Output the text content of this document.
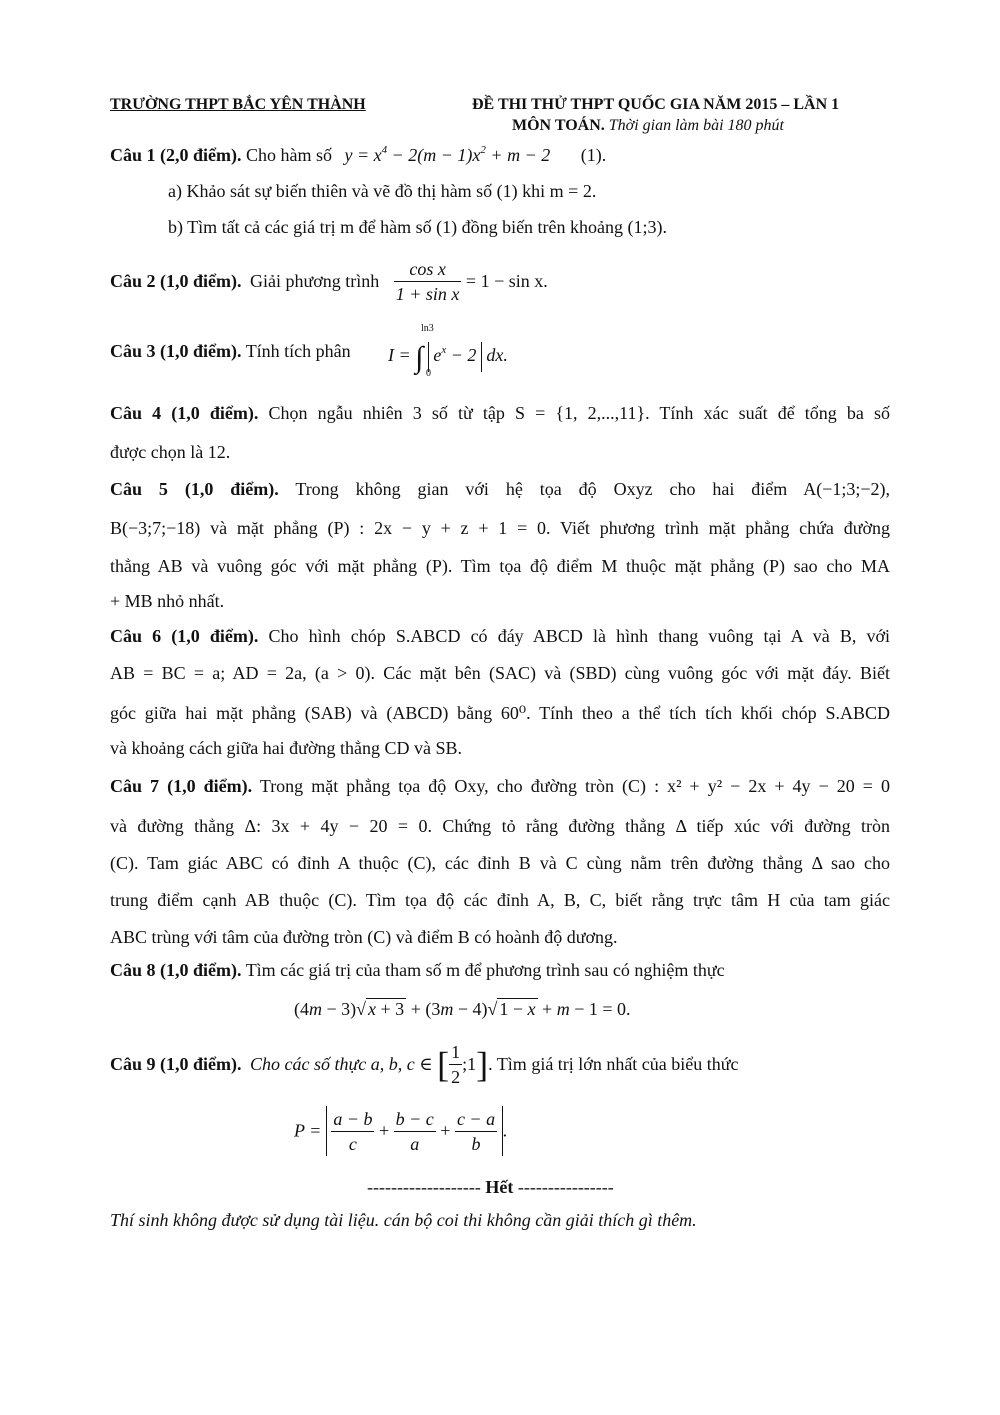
TRƯỜNG THPT BẮC YÊN THÀNH	ĐỀ THI THỬ THPT QUỐC GIA NĂM 2015 – LẦN 1
MÔN TOÁN. Thời gian làm bài 180 phút
Câu 1 (2,0 điểm). Cho hàm số $y = x^4 - 2(m - 1)x^2 + m - 2$ (1).
a) Khảo sát sự biến thiên và vẽ đồ thị hàm số (1) khi m = 2.
b) Tìm tất cả các giá trị m để hàm số (1) đồng biến trên khoảng (1;3).
Câu 2 (1,0 điểm). Giải phương trình $\frac{\text{cos x}}{\text{1 + sin x}} = 1 - \sin x$.
Câu 3 (1,0 điểm). Tính tích phân
ln3
0
I = ∫  $e^x - 2$  dx.
Câu 4 (1,0 điểm). Chọn ngẫu nhiên 3 số từ tập S = {1, 2,...,11}. Tính xác suất để tổng ba số
được chọn là 12.
Câu 5 (1,0 điểm). Trong không gian với hệ tọa độ Oxyz cho hai điểm A(−1;3;−2),
B(−3;7;−18) và mặt phẳng (P) : 2x − y + z + 1 = 0. Viết phương trình mặt phẳng chứa đường
thẳng AB và vuông góc với mặt phẳng (P). Tìm tọa độ điểm M thuộc mặt phẳng (P) sao cho MA
+ MB nhỏ nhất.
Câu 6 (1,0 điểm). Cho hình chóp S.ABCD có đáy ABCD là hình thang vuông tại A và B, với
AB = BC = a; AD = 2a, (a > 0). Các mặt bên (SAC) và (SBD) cùng vuông góc với mặt đáy. Biết
góc giữa hai mặt phẳng (SAB) và (ABCD) bằng 60⁰. Tính theo a thể tích tích khối chóp S.ABCD
và khoảng cách giữa hai đường thẳng CD và SB.
Câu 7 (1,0 điểm). Trong mặt phẳng tọa độ Oxy, cho đường tròn (C) : x² + y² − 2x + 4y − 20 = 0
và đường thẳng Δ: 3x + 4y − 20 = 0. Chứng tỏ rằng đường thẳng Δ tiếp xúc với đường tròn
(C). Tam giác ABC có đỉnh A thuộc (C), các đỉnh B và C cùng nằm trên đường thẳng Δ sao cho
trung điểm cạnh AB thuộc (C). Tìm tọa độ các đỉnh A, B, C, biết rằng trực tâm H của tam giác
ABC trùng với tâm của đường tròn (C) và điểm B có hoành độ dương.
Câu 8 (1,0 điểm). Tìm các giá trị của tham số m để phương trình sau có nghiệm thực
(4m − 3)√ x + 3 + (3m − 4)√ 1 − x + m − 1 = 0.
Câu 9 (1,0 điểm). Cho các số thực a, b, c ∈ [ $\frac{1}{2}$ ;1]. Tìm giá trị lớn nhất của biểu thức
$P = \frac{a - b}{c} + \frac{b - c}{a} + \frac{c - a}{b}$ .
------------------- Hết ----------------
Thí sinh không được sử dụng tài liệu. cán bộ coi thi không cần giải thích gì thêm.
